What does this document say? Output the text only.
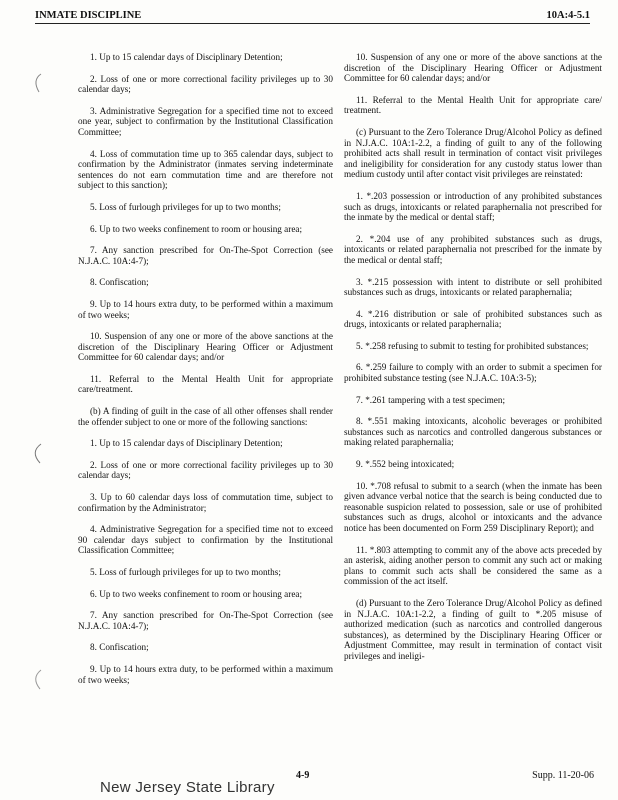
INMATE DISCIPLINE	10A:4-5.1

1. Up to 15 calendar days of Disciplinary Detention;

2. Loss of one or more correctional facility privileges up to 30 calendar days;

3. Administrative Segregation for a specified time not to exceed one year, subject to confirmation by the Institutional Classification Committee;

4. Loss of commutation time up to 365 calendar days, subject to confirmation by the Administrator (inmates serving indeterminate sentences do not earn commutation time and are therefore not subject to this sanction);

5. Loss of furlough privileges for up to two months;

6. Up to two weeks confinement to room or housing area;

7. Any sanction prescribed for On-The-Spot Correction (see N.J.A.C. 10A:4-7);

8. Confiscation;

9. Up to 14 hours extra duty, to be performed within a maximum of two weeks;

10. Suspension of any one or more of the above sanctions at the discretion of the Disciplinary Hearing Officer or Adjustment Committee for 60 calendar days; and/or

11. Referral to the Mental Health Unit for appropriate care/treatment.

(b) A finding of guilt in the case of all other offenses shall render the offender subject to one or more of the following sanctions:

1. Up to 15 calendar days of Disciplinary Detention;

2. Loss of one or more correctional facility privileges up to 30 calendar days;

3. Up to 60 calendar days loss of commutation time, subject to confirmation by the Administrator;

4. Administrative Segregation for a specified time not to exceed 90 calendar days subject to confirmation by the Institutional Classification Committee;

5. Loss of furlough privileges for up to two months;

6. Up to two weeks confinement to room or housing area;

7. Any sanction prescribed for On-The-Spot Correction (see N.J.A.C. 10A:4-7);

8. Confiscation;

9. Up to 14 hours extra duty, to be performed within a maximum of two weeks;

10. Suspension of any one or more of the above sanctions at the discretion of the Disciplinary Hearing Officer or Adjustment Committee for 60 calendar days; and/or

11. Referral to the Mental Health Unit for appropriate care/ treatment.

(c) Pursuant to the Zero Tolerance Drug/Alcohol Policy as defined in N.J.A.C. 10A:1-2.2, a finding of guilt to any of the following prohibited acts shall result in termination of contact visit privileges and ineligibility for consideration for any custody status lower than medium custody until after contact visit privileges are reinstated:

1. *.203 possession or introduction of any prohibited substances such as drugs, intoxicants or related paraphernalia not prescribed for the inmate by the medical or dental staff;

2. *.204 use of any prohibited substances such as drugs, intoxicants or related paraphernalia not prescribed for the inmate by the medical or dental staff;

3. *.215 possession with intent to distribute or sell prohibited substances such as drugs, intoxicants or related paraphernalia;

4. *.216 distribution or sale of prohibited substances such as drugs, intoxicants or related paraphernalia;

5. *.258 refusing to submit to testing for prohibited substances;

6. *.259 failure to comply with an order to submit a specimen for prohibited substance testing (see N.J.A.C. 10A:3-5);

7. *.261 tampering with a test specimen;

8. *.551 making intoxicants, alcoholic beverages or prohibited substances such as narcotics and controlled dangerous substances or making related paraphernalia;

9. *.552 being intoxicated;

10. *.708 refusal to submit to a search (when the inmate has been given advance verbal notice that the search is being conducted due to reasonable suspicion related to possession, sale or use of prohibited substances such as drugs, alcohol or intoxicants and the advance notice has been documented on Form 259 Disciplinary Report); and

11. *.803 attempting to commit any of the above acts preceded by an asterisk, aiding another person to commit any such act or making plans to commit such acts shall be considered the same as a commission of the act itself.

(d) Pursuant to the Zero Tolerance Drug/Alcohol Policy as defined in N.J.A.C. 10A:1-2.2, a finding of guilt to *.205 misuse of authorized medication (such as narcotics and controlled dangerous substances), as determined by the Disciplinary Hearing Officer or Adjustment Committee, may result in termination of contact visit privileges and ineligi-

4-9	Supp. 11-20-06
New Jersey State Library
